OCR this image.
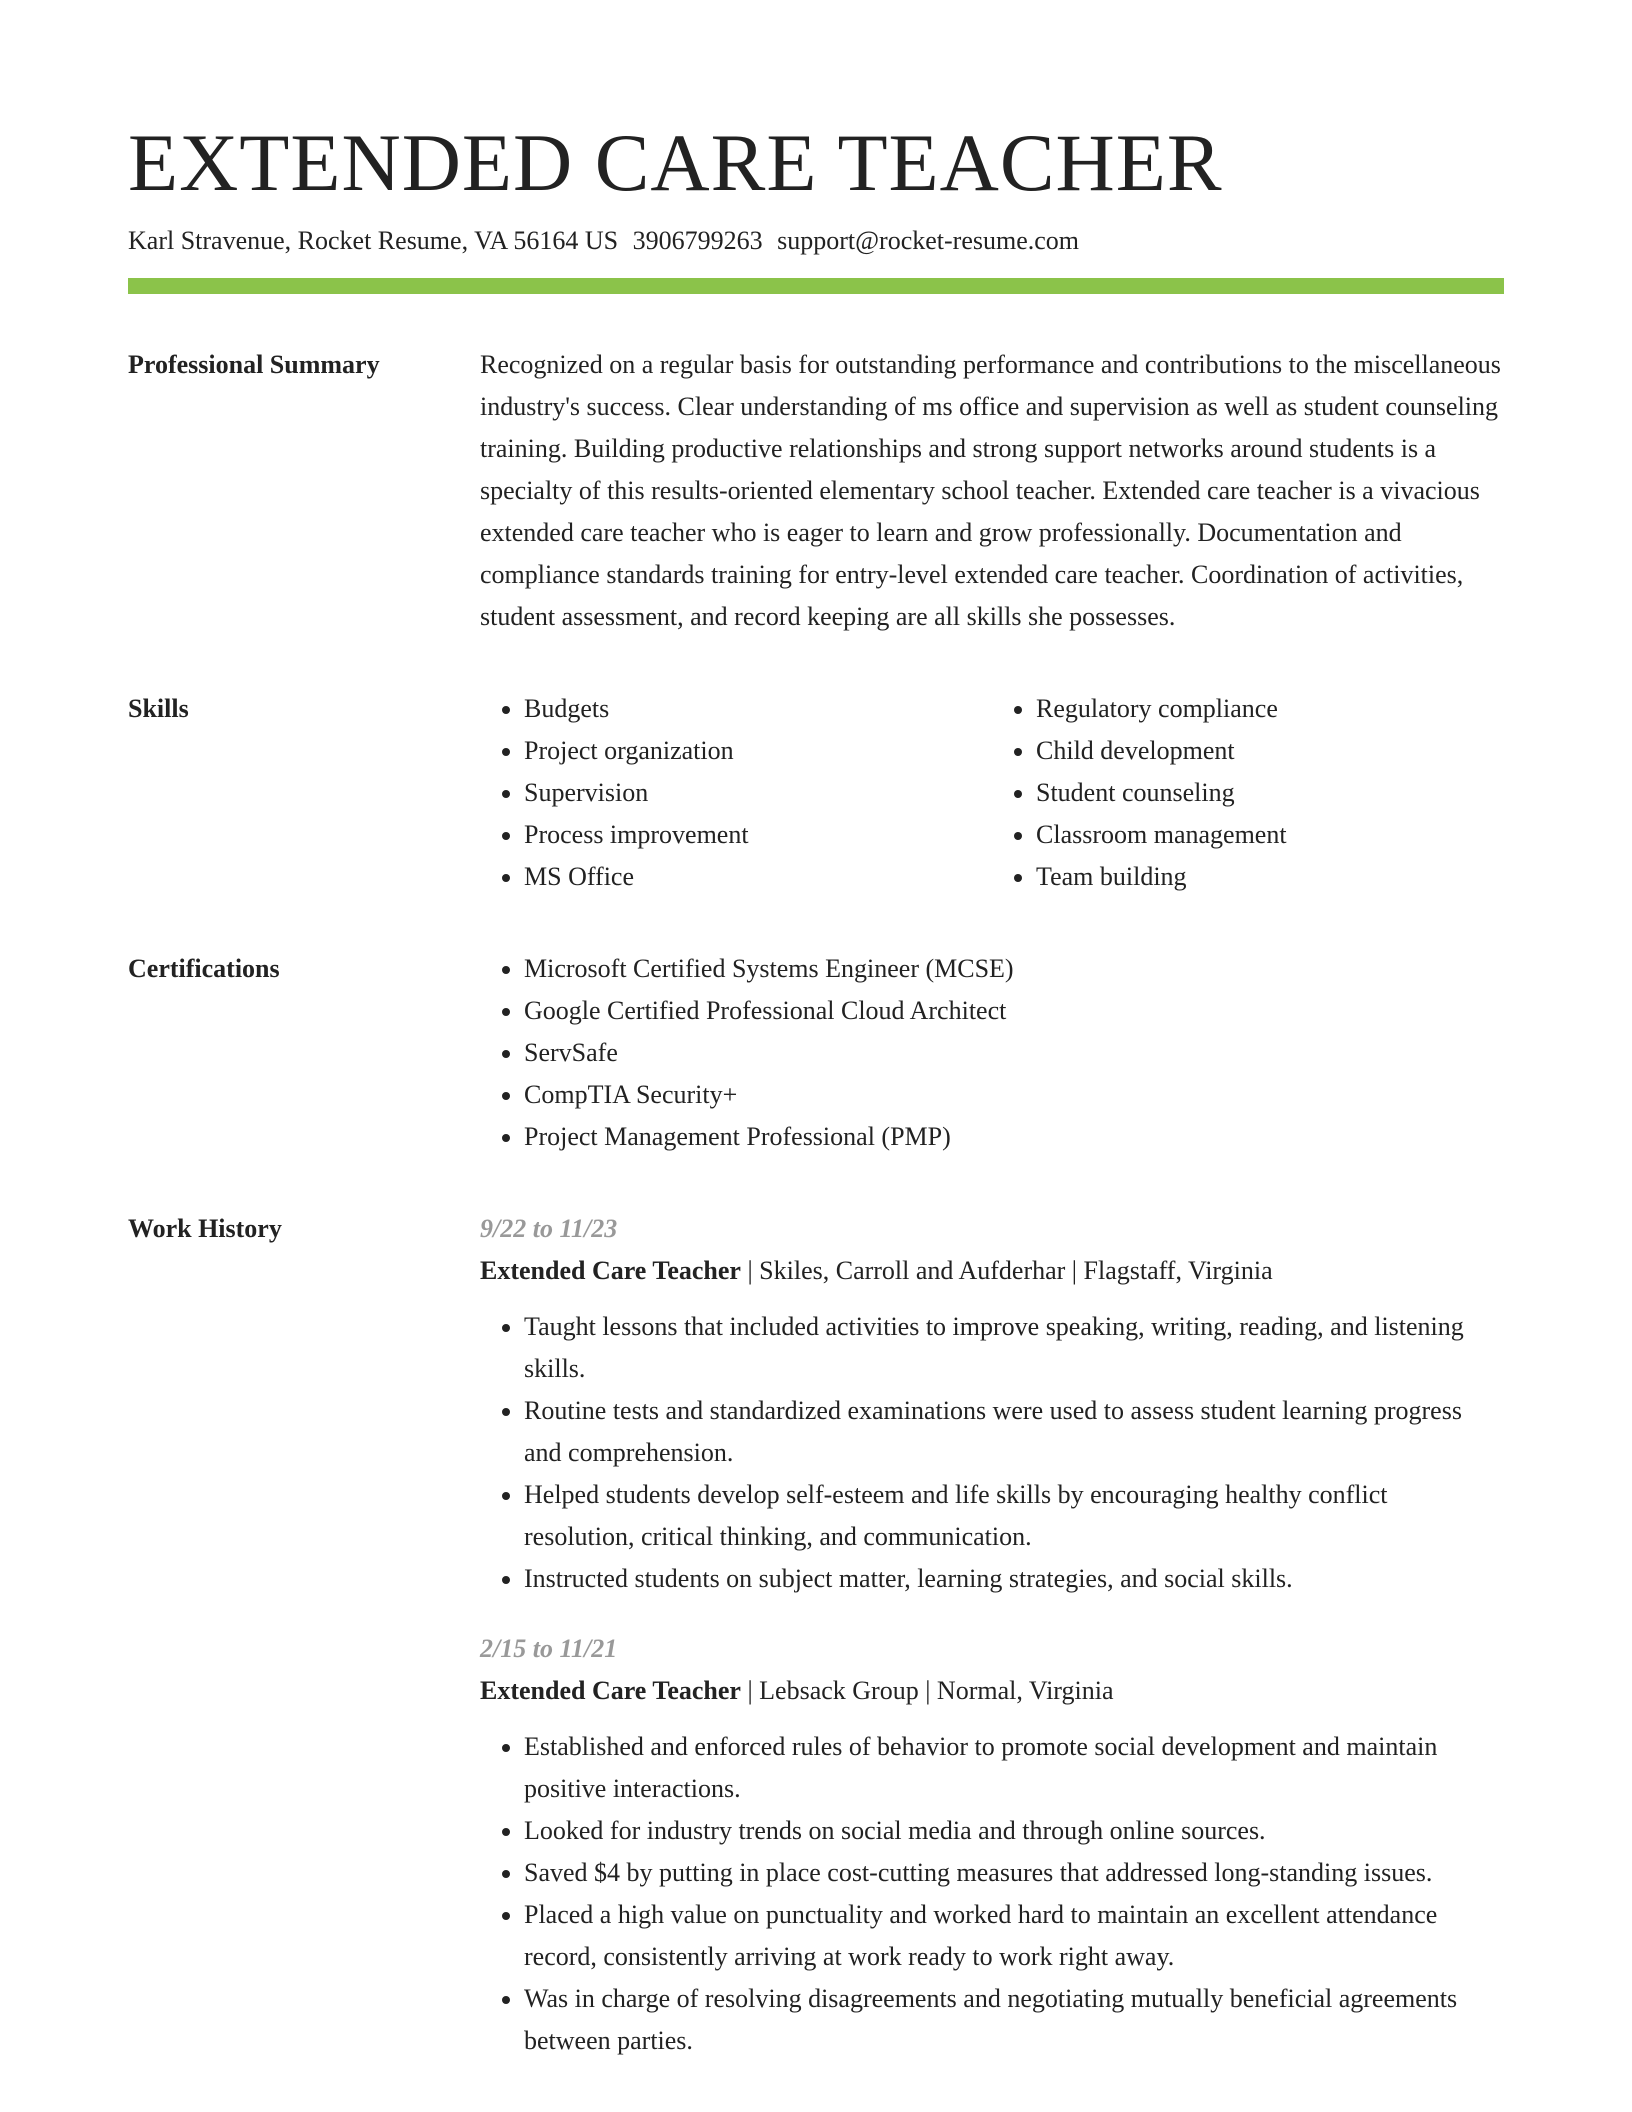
EXTENDED CARE TEACHER
Karl Stravenue, Rocket Resume, VA 56164 US 3906799263 support@rocket-resume.com
Professional Summary	Recognized on a regular basis for outstanding performance and contributions to the miscellaneous industry's success. Clear understanding of ms office and supervision as well as student counseling training. Building productive relationships and strong support networks around students is a specialty of this results-oriented elementary school teacher. Extended care teacher is a vivacious extended care teacher who is eager to learn and grow professionally. Documentation and compliance standards training for entry-level extended care teacher. Coordination of activities, student assessment, and record keeping are all skills she possesses.
Skills	• Budgets
• Project organization
• Supervision
• Process improvement
• MS Office
• Regulatory compliance
• Child development
• Student counseling
• Classroom management
• Team building
Certifications	• Microsoft Certified Systems Engineer (MCSE)
• Google Certified Professional Cloud Architect
• ServSafe
• CompTIA Security+
• Project Management Professional (PMP)
Work History	9/22 to 11/23
Extended Care Teacher | Skiles, Carroll and Aufderhar | Flagstaff, Virginia
• Taught lessons that included activities to improve speaking, writing, reading, and listening skills.
• Routine tests and standardized examinations were used to assess student learning progress and comprehension.
• Helped students develop self-esteem and life skills by encouraging healthy conflict resolution, critical thinking, and communication.
• Instructed students on subject matter, learning strategies, and social skills.
2/15 to 11/21
Extended Care Teacher | Lebsack Group | Normal, Virginia
• Established and enforced rules of behavior to promote social development and maintain positive interactions.
• Looked for industry trends on social media and through online sources.
• Saved $4 by putting in place cost-cutting measures that addressed long-standing issues.
• Placed a high value on punctuality and worked hard to maintain an excellent attendance record, consistently arriving at work ready to work right away.
• Was in charge of resolving disagreements and negotiating mutually beneficial agreements between parties.
